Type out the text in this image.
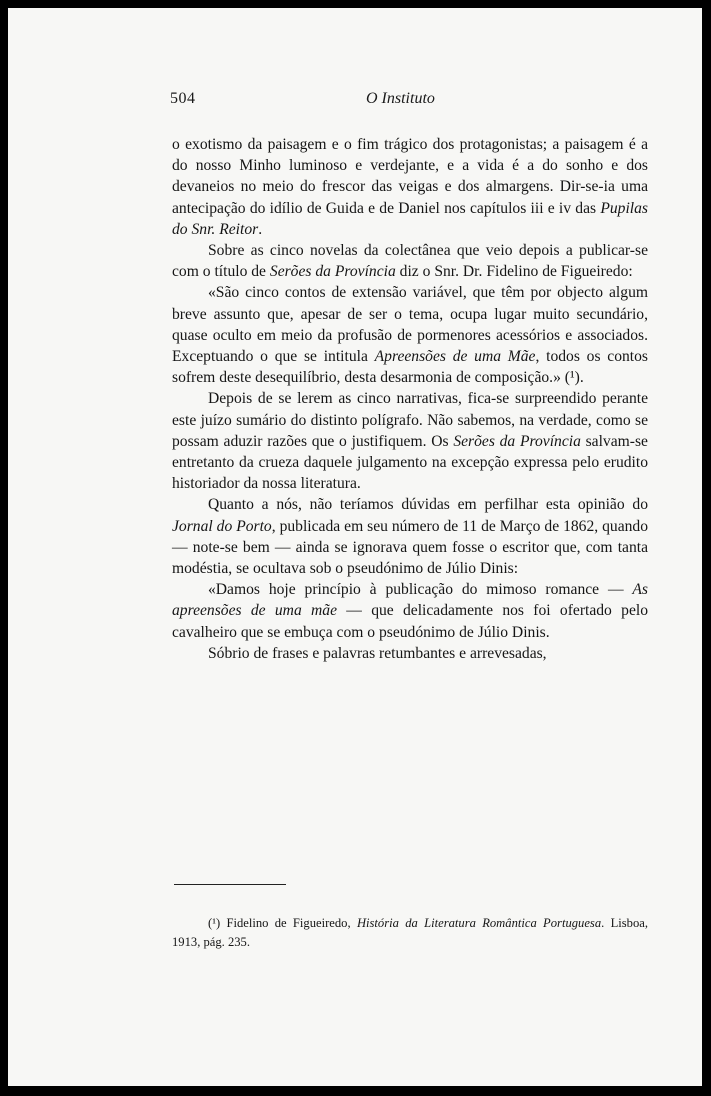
504	O Instituto

o exotismo da paisagem e o fim trágico dos protagonistas; a paisagem é a do nosso Minho luminoso e verdejante, e a vida é a do sonho e dos devaneios no meio do frescor das veigas e dos almargens. Dir-se-ia uma antecipação do idílio de Guida e de Daniel nos capítulos iii e iv das Pupilas do Snr. Reitor.

Sobre as cinco novelas da colectânea que veio depois a publicar-se com o título de Serões da Província diz o Snr. Dr. Fidelino de Figueiredo:

«São cinco contos de extensão variável, que têm por objecto algum breve assunto que, apesar de ser o tema, ocupa lugar muito secundário, quase oculto em meio da profusão de pormenores acessórios e associados. Exceptuando o que se intitula Apreensões de uma Mãe, todos os contos sofrem deste desequilíbrio, desta desarmonia de composição.» (¹).

Depois de se lerem as cinco narrativas, fica-se surpreendido perante este juízo sumário do distinto polígrafo. Não sabemos, na verdade, como se possam aduzir razões que o justifiquem. Os Serões da Província salvam-se entretanto da crueza daquele julgamento na excepção expressa pelo erudito historiador da nossa literatura.

Quanto a nós, não teríamos dúvidas em perfilhar esta opinião do Jornal do Porto, publicada em seu número de 11 de Março de 1862, quando — note-se bem — ainda se ignorava quem fosse o escritor que, com tanta modéstia, se ocultava sob o pseudónimo de Júlio Dinis:

«Damos hoje princípio à publicação do mimoso romance — As apreensões de uma mãe — que delicadamente nos foi ofertado pelo cavalheiro que se embuça com o pseudónimo de Júlio Dinis.

Sóbrio de frases e palavras retumbantes e arrevesadas,

(¹) Fidelino de Figueiredo, História da Literatura Romântica Portuguesa. Lisboa, 1913, pág. 235.
